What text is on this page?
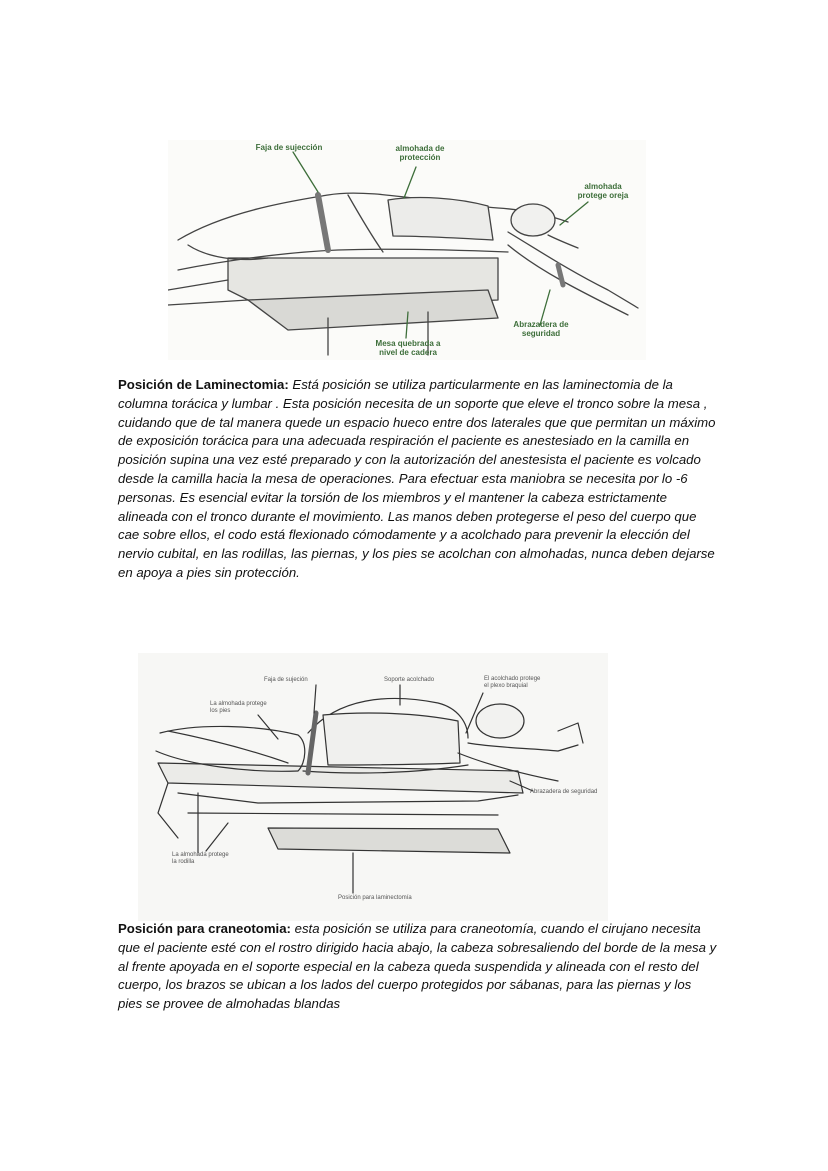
Faja de sujección	almohada de
protección
almohada
protege oreja
Abrazadera de
seguridad
Mesa quebrada a
nivel de cadera
Posición de Laminectomia: Está posición se utiliza particularmente en las laminectomia de la columna torácica y lumbar . Esta posición necesita de un soporte que eleve el tronco sobre la mesa , cuidando que de tal manera quede un espacio hueco entre dos laterales que que permitan un máximo de exposición torácica para una adecuada respiración el paciente es anestesiado en la camilla en posición supina una vez esté preparado y con la autorización del anestesista el paciente es volcado desde la camilla hacia la mesa de operaciones. Para efectuar esta maniobra se necesita por lo -6 personas. Es esencial evitar la torsión de los miembros y el mantener la cabeza estrictamente alineada con el tronco durante el movimiento. Las manos deben protegerse el peso del cuerpo que cae sobre ellos, el codo está flexionado cómodamente y a acolchado para prevenir la elección del nervio cubital, en las rodillas, las piernas, y los pies se acolchan con almohadas, nunca deben dejarse en apoya a pies sin protección.
Faja de sujeción	Soporte acolchado	El acolchado protege
el plexo braquial
La almohada protege
los pies
Abrazadera de seguridad
La almohada protege
la rodilla
Posición para laminectomía
Posición para craneotomia: esta posición se utiliza para craneotomía, cuando el cirujano necesita que el paciente esté con el rostro dirigido hacia abajo, la cabeza sobresaliendo del borde de la mesa y al frente apoyada en el soporte especial en la cabeza queda suspendida y alineada con el resto del cuerpo, los brazos se ubican a los lados del cuerpo protegidos por sábanas, para las piernas y los pies se provee de almohadas blandas
